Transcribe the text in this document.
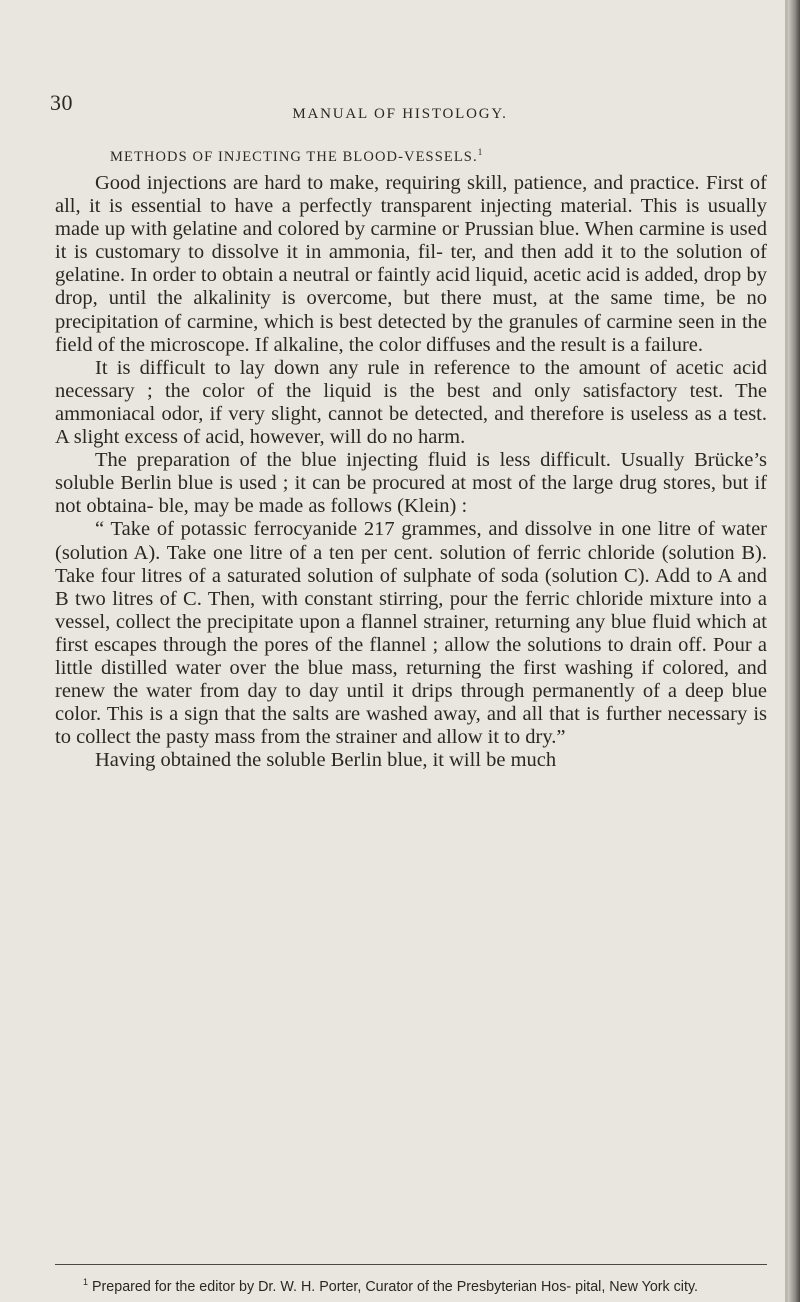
30	MANUAL OF HISTOLOGY.
METHODS OF INJECTING THE BLOOD-VESSELS.$^1$

Good injections are hard to make, requiring skill, patience, and practice. First of all, it is essential to have a perfectly transparent injecting material. This is usually made up with gelatine and colored by carmine or Prussian blue. When carmine is used it is customary to dissolve it in ammonia, fil- ter, and then add it to the solution of gelatine. In order to obtain a neutral or faintly acid liquid, acetic acid is added, drop by drop, until the alkalinity is overcome, but there must, at the same time, be no precipitation of carmine, which is best detected by the granules of carmine seen in the field of the microscope. If alkaline, the color diffuses and the result is a failure.

It is difficult to lay down any rule in reference to the amount of acetic acid necessary ; the color of the liquid is the best and only satisfactory test. The ammoniacal odor, if very slight, cannot be detected, and therefore is useless as a test. A slight excess of acid, however, will do no harm.

The preparation of the blue injecting fluid is less difficult. Usually Brücke’s soluble Berlin blue is used ; it can be procured at most of the large drug stores, but if not obtaina- ble, may be made as follows (Klein) :

“ Take of potassic ferrocyanide 217 grammes, and dissolve in one litre of water (solution A). Take one litre of a ten per cent. solution of ferric chloride (solution B). Take four litres of a saturated solution of sulphate of soda (solution C). Add to A and B two litres of C. Then, with constant stirring, pour the ferric chloride mixture into a vessel, collect the precipitate upon a flannel strainer, returning any blue fluid which at first escapes through the pores of the flannel ; allow the solutions to drain off. Pour a little distilled water over the blue mass, returning the first washing if colored, and renew the water from day to day until it drips through permanently of a deep blue color. This is a sign that the salts are washed away, and all that is further necessary is to collect the pasty mass from the strainer and allow it to dry.”

Having obtained the soluble Berlin blue, it will be much

$^1$ Prepared for the editor by Dr. W. H. Porter, Curator of the Presbyterian Hos- pital, New York city.
